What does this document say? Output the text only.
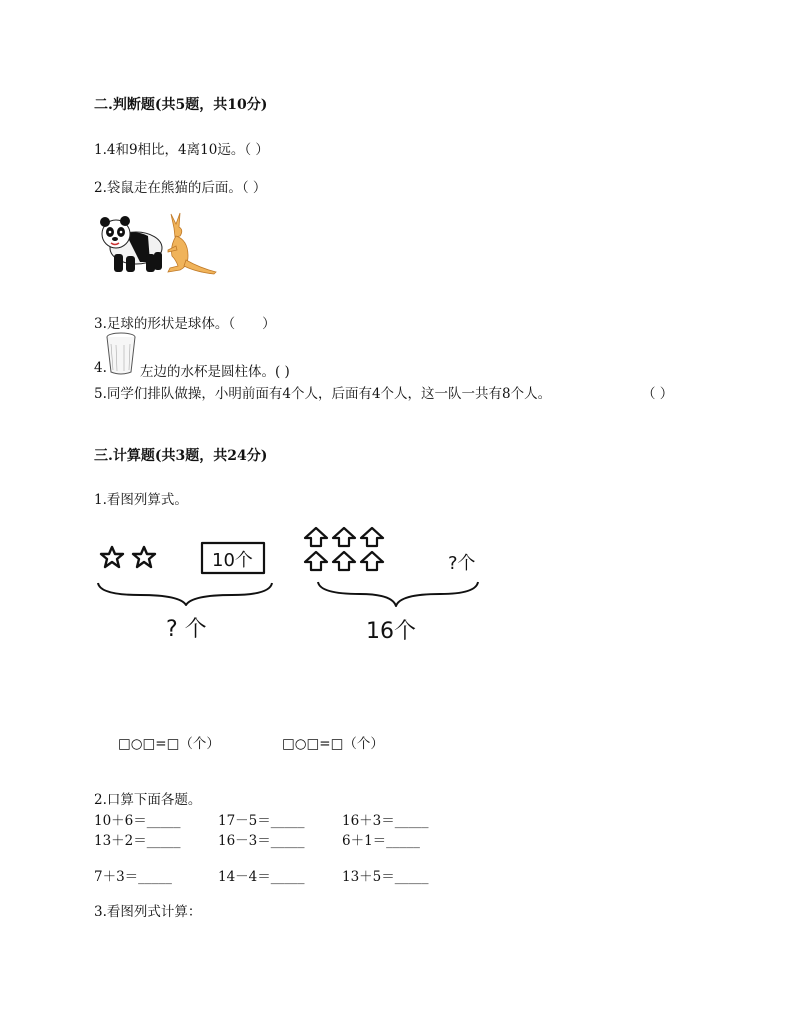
二.判断题(共5题，共10分)
1.4和9相比，4离10远。（ ）
2.袋鼠走在熊猫的后面。（ ）
3.足球的形状是球体。（　　）
4. 左边的水杯是圆柱体。( )
5.同学们排队做操，小明前面有4个人，后面有4个人，这一队一共有8个人。	（ ）
三.计算题(共3题，共24分)
1.看图列算式。
10个
? 个
?个
16个
□○□=□（个）	□○□=□（个）
2.口算下面各题。
10＋6＝_____	17－5＝_____	16＋3＝_____
13＋2＝_____	16－3＝_____	6＋1＝_____
7＋3＝_____	14－4＝_____	13＋5＝_____
3.看图列式计算：
